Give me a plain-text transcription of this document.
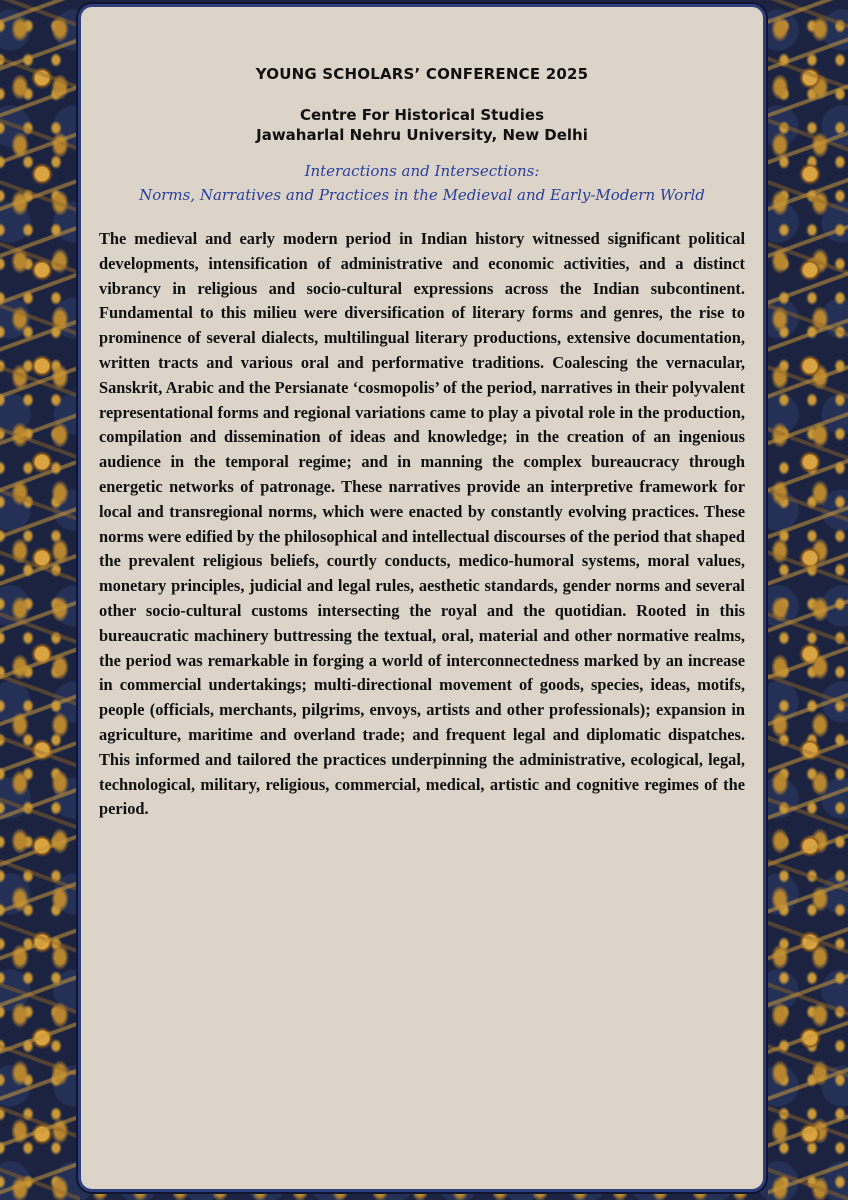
YOUNG SCHOLARS’ CONFERENCE 2025
Centre For Historical Studies
Jawaharlal Nehru University, New Delhi
Interactions and Intersections:
Norms, Narratives and Practices in the Medieval and Early-Modern World

The medieval and early modern period in Indian history witnessed significant political developments, intensification of administrative and economic activities, and a distinct vibrancy in religious and socio-cultural expressions across the Indian subcontinent. Fundamental to this milieu were diversification of literary forms and genres, the rise to prominence of several dialects, multilingual literary productions, extensive documentation, written tracts and various oral and performative traditions. Coalescing the vernacular, Sanskrit, Arabic and the Persianate ‘cosmopolis’ of the period, narratives in their polyvalent representational forms and regional variations came to play a pivotal role in the production, compilation and dissemination of ideas and knowledge; in the creation of an ingenious audience in the temporal regime; and in manning the complex bureaucracy through energetic networks of patronage. These narratives provide an interpretive framework for local and transregional norms, which were enacted by constantly evolving practices. These norms were edified by the philosophical and intellectual discourses of the period that shaped the prevalent religious beliefs, courtly conducts, medico-humoral systems, moral values, monetary principles, judicial and legal rules, aesthetic standards, gender norms and several other socio-cultural customs intersecting the royal and the quotidian. Rooted in this bureaucratic machinery buttressing the textual, oral, material and other normative realms, the period was remarkable in forging a world of interconnectedness marked by an increase in commercial undertakings; multi-directional movement of goods, species, ideas, motifs, people (officials, merchants, pilgrims, envoys, artists and other professionals); expansion in agriculture, maritime and overland trade; and frequent legal and diplomatic dispatches. This informed and tailored the practices underpinning the administrative, ecological, legal, technological, military, religious, commercial, medical, artistic and cognitive regimes of the period.
